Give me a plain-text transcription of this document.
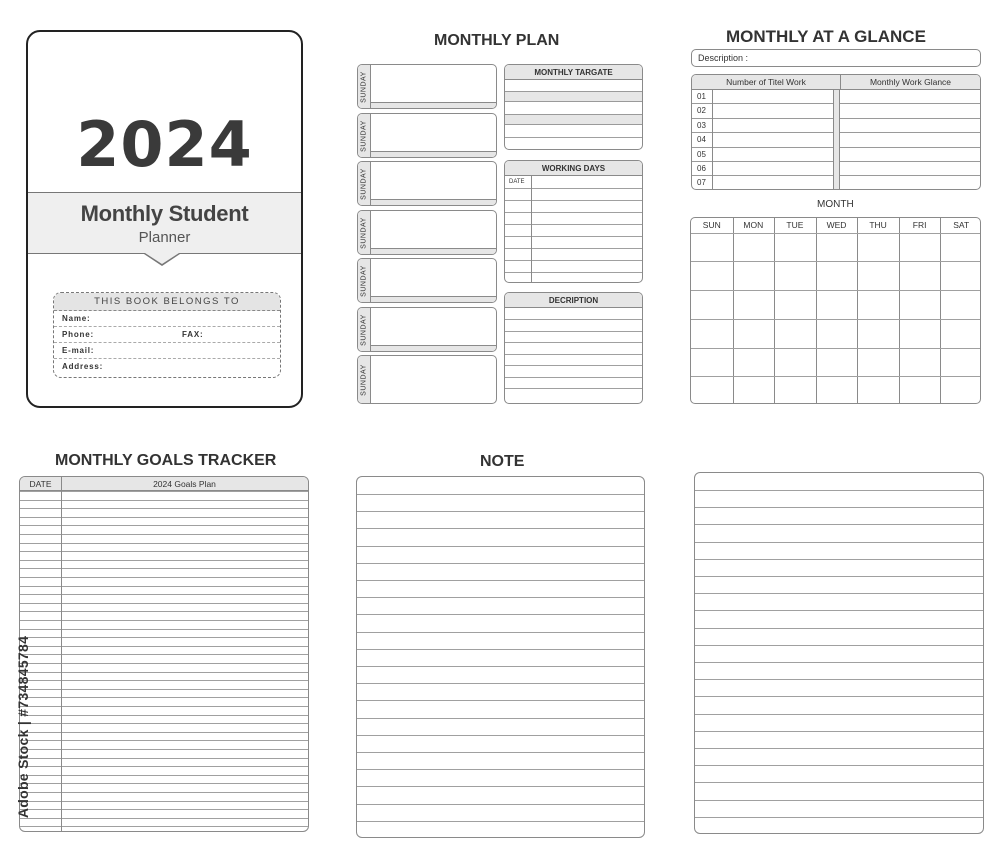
2024
Monthly Student
Planner
THIS BOOK BELONGS TO
Name:
Phone:	FAX:
E-mail:
Address:
MONTHLY PLAN
SUNDAY
SUNDAY
SUNDAY
SUNDAY
SUNDAY
SUNDAY
SUNDAY
MONTHLY TARGATE
WORKING DAYS
DATE
DECRIPTION
MONTHLY AT A GLANCE
Description :
Number of Titel Work	Monthly Work Glance
01
02
03
04
05
06
07
MONTH
SUN	MON	TUE	WED	THU	FRI	SAT
MONTHLY GOALS TRACKER
DATE	2024 Goals Plan
NOTE
Adobe Stock | #734845784
